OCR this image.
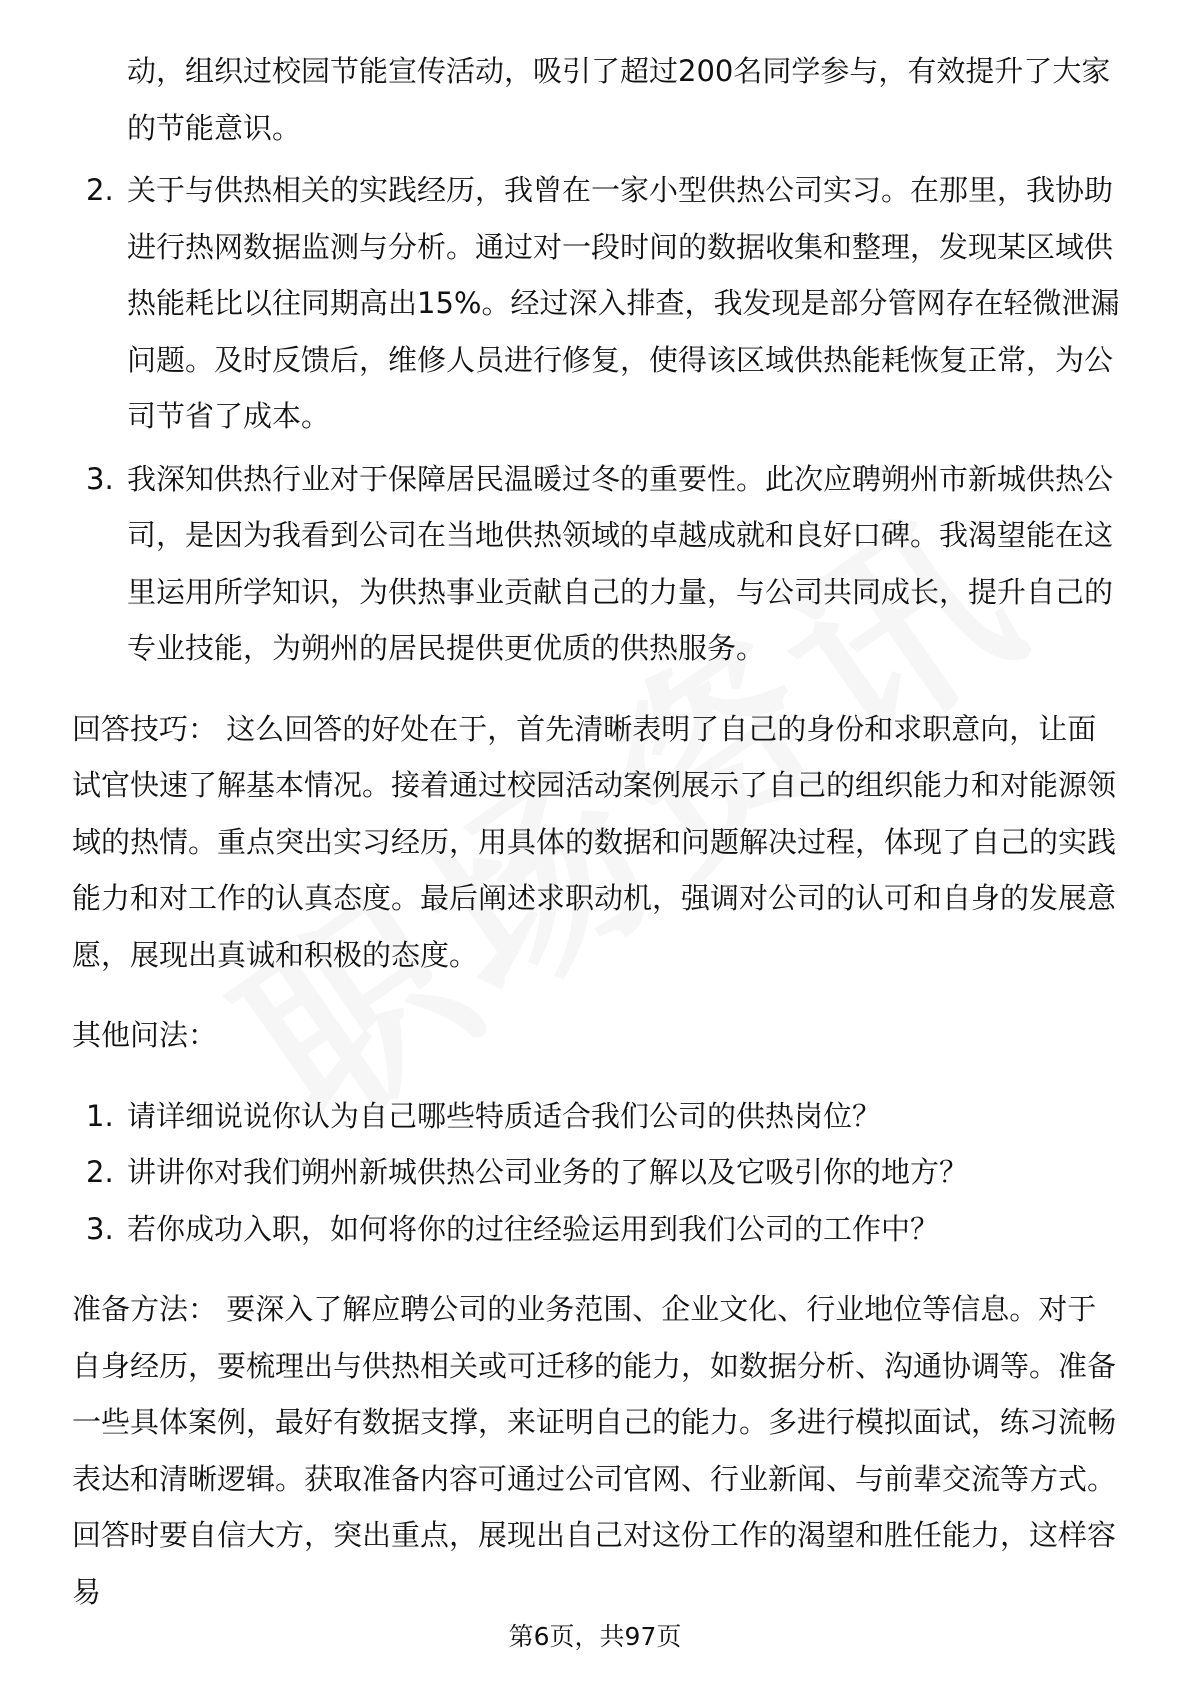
动，组织过校园节能宣传活动，吸引了超过200名同学参与，有效提升了大家的节能意识。

2. 关于与供热相关的实践经历，我曾在一家小型供热公司实习。在那里，我协助进行热网数据监测与分析。通过对一段时间的数据收集和整理，发现某区域供热能耗比以往同期高出15%。经过深入排查，我发现是部分管网存在轻微泄漏问题。及时反馈后，维修人员进行修复，使得该区域供热能耗恢复正常，为公司节省了成本。
3. 我深知供热行业对于保障居民温暖过冬的重要性。此次应聘朔州市新城供热公司，是因为我看到公司在当地供热领域的卓越成就和良好口碑。我渴望能在这里运用所学知识，为供热事业贡献自己的力量，与公司共同成长，提升自己的专业技能，为朔州的居民提供更优质的供热服务。

回答技巧： 这么回答的好处在于，首先清晰表明了自己的身份和求职意向，让面试官快速了解基本情况。接着通过校园活动案例展示了自己的组织能力和对能源领域的热情。重点突出实习经历，用具体的数据和问题解决过程，体现了自己的实践能力和对工作的认真态度。最后阐述求职动机，强调对公司的认可和自身的发展意愿，展现出真诚和积极的态度。

其他问法：

1. 请详细说说你认为自己哪些特质适合我们公司的供热岗位？
2. 讲讲你对我们朔州新城供热公司业务的了解以及它吸引你的地方？
3. 若你成功入职，如何将你的过往经验运用到我们公司的工作中？

准备方法： 要深入了解应聘公司的业务范围、企业文化、行业地位等信息。对于自身经历，要梳理出与供热相关或可迁移的能力，如数据分析、沟通协调等。准备一些具体案例，最好有数据支撑，来证明自己的能力。多进行模拟面试，练习流畅表达和清晰逻辑。获取准备内容可通过公司官网、行业新闻、与前辈交流等方式。回答时要自信大方，突出重点，展现出自己对这份工作的渴望和胜任能力，这样容易

第6页，共97页
